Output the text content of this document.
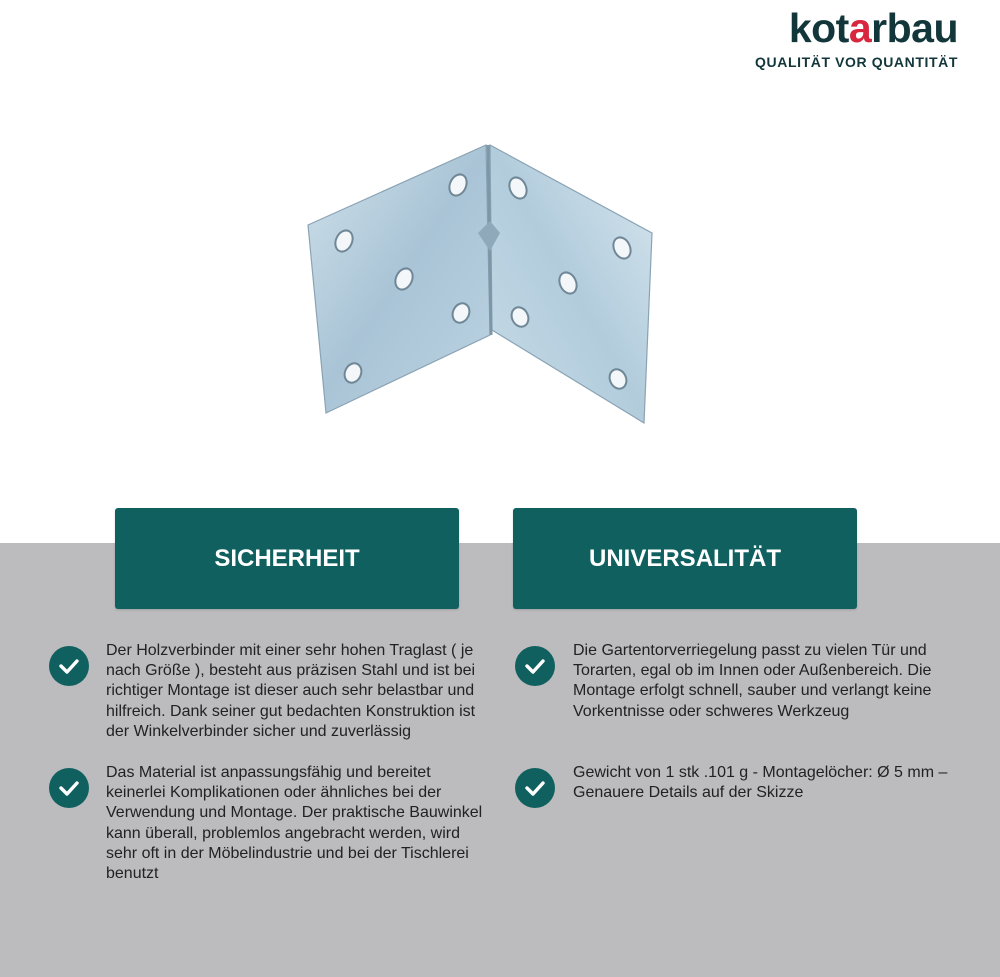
kotarbau
QUALITÄT VOR QUANTITÄT
SICHERHEIT	UNIVERSALITÄT
Der Holzverbinder mit einer sehr hohen Traglast ( je nach Größe ), besteht aus präzisen Stahl und ist bei richtiger Montage ist dieser auch sehr belastbar und hilfreich. Dank seiner gut bedachten Konstruktion ist der Winkelverbinder sicher und zuverlässig
Das Material ist anpassungsfähig und bereitet keinerlei Komplikationen oder ähnliches bei der Verwendung und Montage. Der praktische Bauwinkel kann überall, problemlos angebracht werden, wird sehr oft in der Möbelindustrie und bei der Tischlerei benutzt
Die Gartentorverriegelung passt zu vielen Tür und Torarten, egal ob im Innen oder Außenbereich. Die Montage erfolgt schnell, sauber und verlangt keine Vorkentnisse oder schweres Werkzeug
Gewicht von 1 stk .101 g - Montagelöcher: Ø 5 mm – Genauere Details auf der Skizze
